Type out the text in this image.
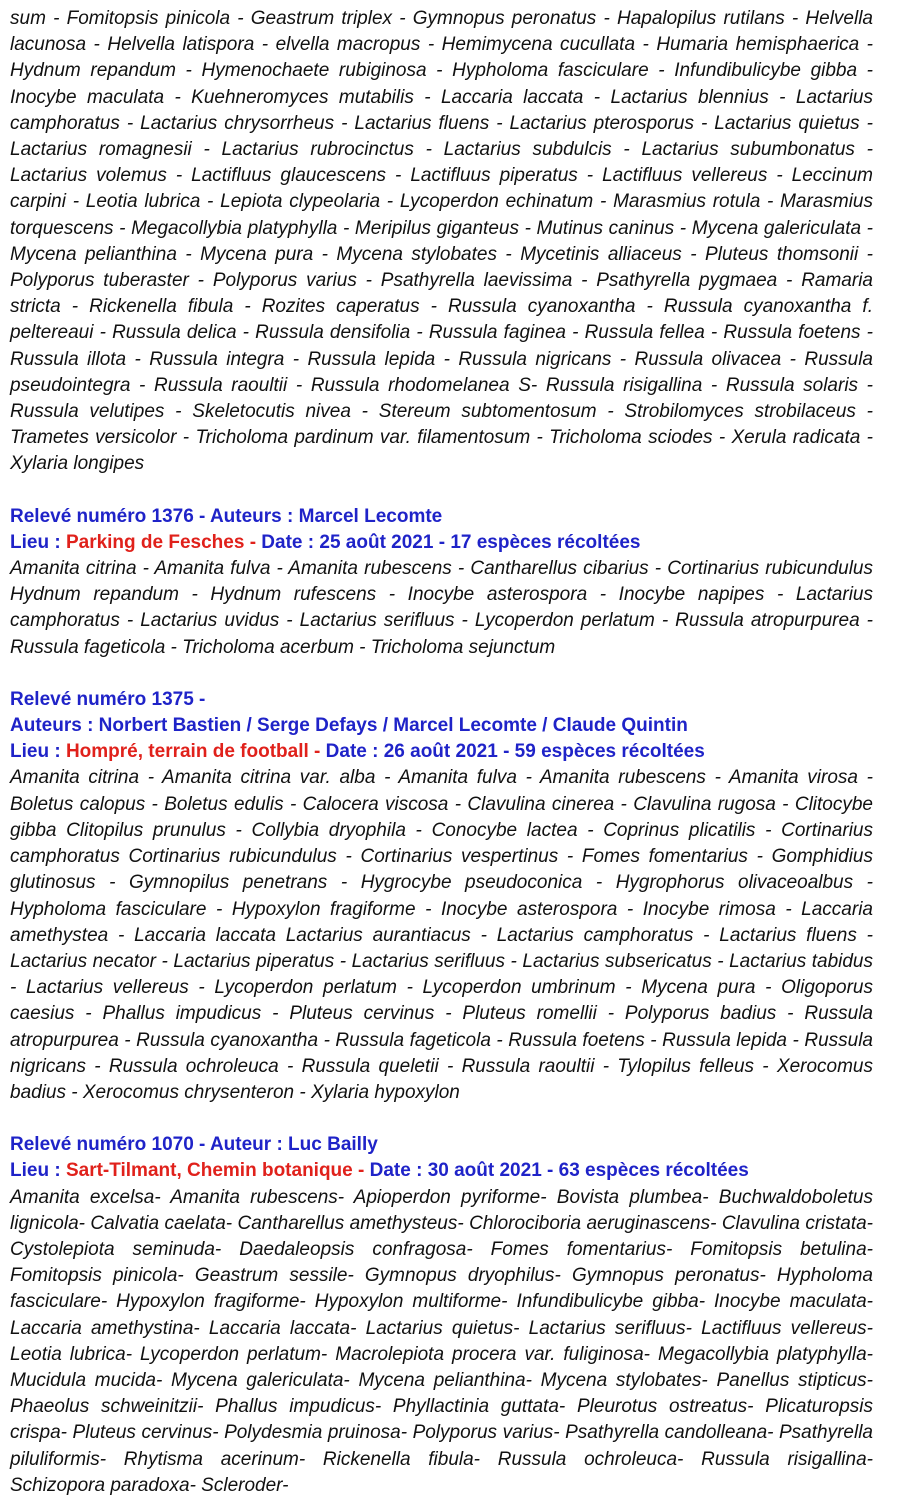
sum - Fomitopsis pinicola - Geastrum triplex - Gymnopus peronatus - Hapalopilus rutilans - Helvella lacunosa - Helvella latispora - elvella macropus - Hemimycena cucullata - Humaria hemisphaerica - Hydnum repandum - Hymenochaete rubiginosa - Hypholoma fasciculare - Infundibulicybe gibba - Inocybe maculata - Kuehneromyces mutabilis - Laccaria laccata - Lactarius blennius - Lactarius camphoratus - Lactarius chrysorrheus - Lactarius fluens - Lactarius pterosporus - Lactarius quietus - Lactarius romagnesii - Lactarius rubrocinctus - Lactarius subdulcis - Lactarius subumbonatus - Lactarius volemus - Lactifluus glaucescens - Lactifluus piperatus - Lactifluus vellereus - Leccinum carpini - Leotia lubrica - Lepiota clypeolaria - Lycoperdon echinatum - Marasmius rotula - Marasmius torquescens - Megacollybia platyphylla - Meripilus giganteus - Mutinus caninus - Mycena galericulata - Mycena pelianthina - Mycena pura - Mycena stylobates - Mycetinis alliaceus - Pluteus thomsonii - Polyporus tuberaster - Polyporus varius - Psathyrella laevissima - Psathyrella pygmaea - Ramaria stricta - Rickenella fibula - Rozites caperatus - Russula cyanoxantha - Russula cyanoxantha f. peltereaui - Russula delica - Russula densifolia - Russula faginea - Russula fellea - Russula foetens - Russula illota - Russula integra - Russula lepida - Russula nigricans - Russula olivacea - Russula pseudointegra - Russula raoultii - Russula rhodomelanea S- Russula risigallina - Russula solaris - Russula velutipes - Skeletocutis nivea - Stereum subtomentosum - Strobilomyces strobilaceus - Trametes versicolor - Tricholoma pardinum var. filamentosum - Tricholoma sciodes - Xerula radicata - Xylaria longipes

Relevé numéro 1376 - Auteurs : Marcel Lecomte

Lieu : Parking de Fesches - Date : 25 août 2021 - 17 espèces récoltées

Amanita citrina - Amanita fulva - Amanita rubescens - Cantharellus cibarius - Cortinarius rubicundulus Hydnum repandum - Hydnum rufescens - Inocybe asterospora - Inocybe napipes - Lactarius camphoratus - Lactarius uvidus - Lactarius serifluus - Lycoperdon perlatum - Russula atropurpurea - Russula fageticola - Tricholoma acerbum - Tricholoma sejunctum

Relevé numéro 1375 -

Auteurs : Norbert Bastien / Serge Defays / Marcel Lecomte / Claude Quintin

Lieu : Hompré, terrain de football - Date : 26 août 2021 - 59 espèces récoltées

Amanita citrina - Amanita citrina var. alba - Amanita fulva - Amanita rubescens - Amanita virosa - Boletus calopus - Boletus edulis - Calocera viscosa - Clavulina cinerea - Clavulina rugosa - Clitocybe gibba Clitopilus prunulus - Collybia dryophila - Conocybe lactea - Coprinus plicatilis - Cortinarius camphoratus Cortinarius rubicundulus - Cortinarius vespertinus - Fomes fomentarius - Gomphidius glutinosus - Gymnopilus penetrans - Hygrocybe pseudoconica - Hygrophorus olivaceoalbus - Hypholoma fasciculare - Hypoxylon fragiforme - Inocybe asterospora - Inocybe rimosa - Laccaria amethystea - Laccaria laccata Lactarius aurantiacus - Lactarius camphoratus - Lactarius fluens - Lactarius necator - Lactarius piperatus - Lactarius serifluus - Lactarius subsericatus - Lactarius tabidus - Lactarius vellereus - Lycoperdon perlatum - Lycoperdon umbrinum - Mycena pura - Oligoporus caesius - Phallus impudicus - Pluteus cervinus - Pluteus romellii - Polyporus badius - Russula atropurpurea - Russula cyanoxantha - Russula fageticola - Russula foetens - Russula lepida - Russula nigricans - Russula ochroleuca - Russula queletii - Russula raoultii - Tylopilus felleus - Xerocomus badius - Xerocomus chrysenteron - Xylaria hypoxylon

Relevé numéro 1070 - Auteur : Luc Bailly

Lieu : Sart-Tilmant, Chemin botanique - Date : 30 août 2021 - 63 espèces récoltées

Amanita excelsa- Amanita rubescens- Apioperdon pyriforme- Bovista plumbea- Buchwaldoboletus lignicola- Calvatia caelata- Cantharellus amethysteus- Chlorociboria aeruginascens- Clavulina cristata- Cystolepiota seminuda- Daedaleopsis confragosa- Fomes fomentarius- Fomitopsis betulina- Fomitopsis pinicola- Geastrum sessile- Gymnopus dryophilus- Gymnopus peronatus- Hypholoma fasciculare- Hypoxylon fragiforme- Hypoxylon multiforme- Infundibulicybe gibba- Inocybe maculata- Laccaria amethystina- Laccaria laccata- Lactarius quietus- Lactarius serifluus- Lactifluus vellereus- Leotia lubrica- Lycoperdon perlatum- Macrolepiota procera var. fuliginosa- Megacollybia platyphylla- Mucidula mucida- Mycena galericulata- Mycena pelianthina- Mycena stylobates- Panellus stipticus- Phaeolus schweinitzii- Phallus impudicus- Phyllactinia guttata- Pleurotus ostreatus- Plicaturopsis crispa- Pluteus cervinus- Polydesmia pruinosa- Polyporus varius- Psathyrella candolleana- Psathyrella piluliformis- Rhytisma acerinum- Rickenella fibula- Russula ochroleuca- Russula risigallina- Schizopora paradoxa- Scleroder-
